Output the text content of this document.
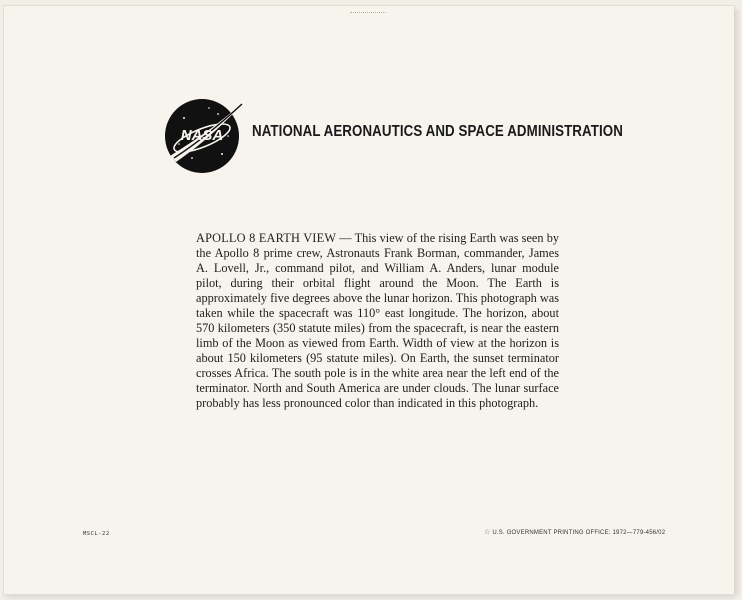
NASA NATIONAL AERONAUTICS AND SPACE ADMINISTRATION
APOLLO 8 EARTH VIEW — This view of the rising Earth was seen by the Apollo 8 prime crew, Astronauts Frank Borman, commander, James A. Lovell, Jr., command pilot, and William A. Anders, lunar module pilot, during their orbital flight around the Moon. The Earth is approximately five degrees above the lunar horizon. This photograph was taken while the spacecraft was 110° east longitude. The horizon, about 570 kilometers (350 statute miles) from the spacecraft, is near the eastern limb of the Moon as viewed from Earth. Width of view at the horizon is about 150 kilometers (95 statute miles). On Earth, the sunset terminator crosses Africa. The south pole is in the white area near the left end of the terminator. North and South America are under clouds. The lunar surface probably has less pronounced color than indicated in this photograph.
MSCL-22	☆ U.S. GOVERNMENT PRINTING OFFICE: 1972—779-456/02
